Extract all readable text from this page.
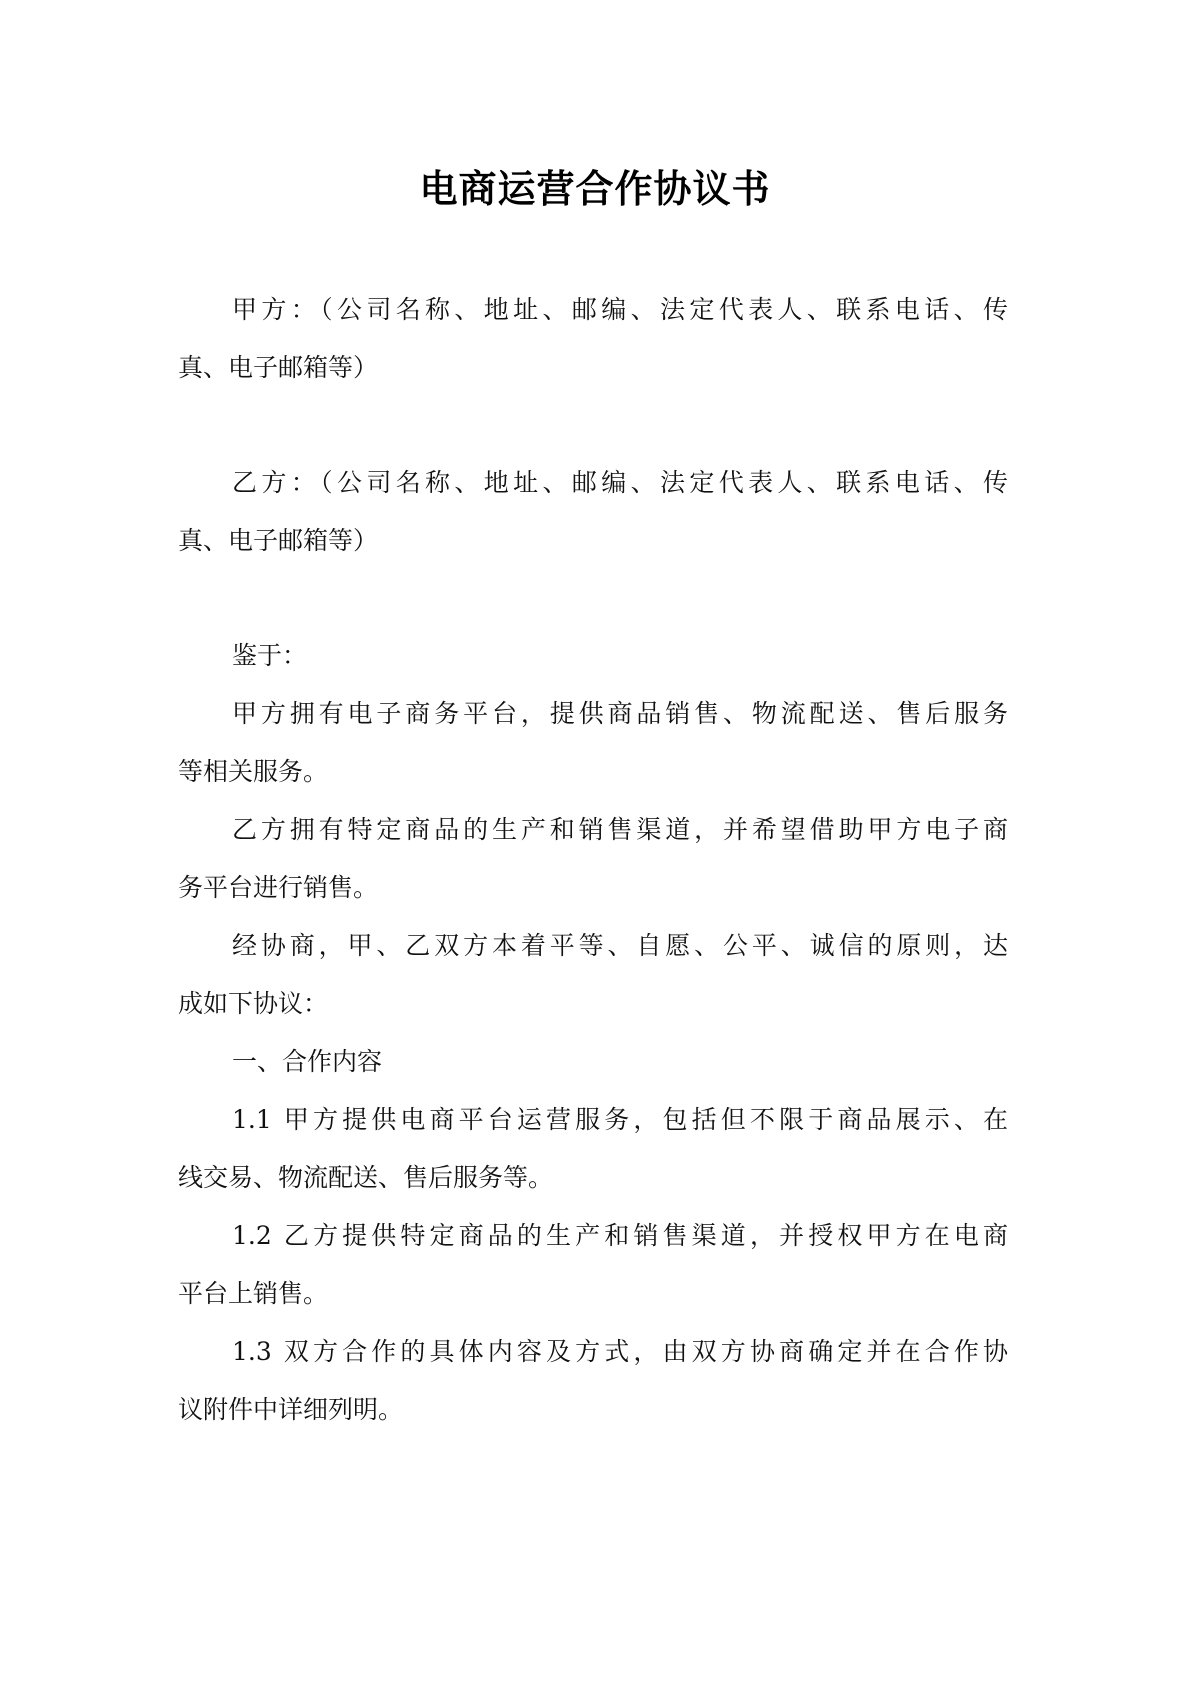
电商运营合作协议书
甲方：（公司名称、地址、邮编、法定代表人、联系电话、传
真、电子邮箱等）
乙方：（公司名称、地址、邮编、法定代表人、联系电话、传
真、电子邮箱等）
鉴于：
甲方拥有电子商务平台，提供商品销售、物流配送、售后服务
等相关服务。
乙方拥有特定商品的生产和销售渠道，并希望借助甲方电子商
务平台进行销售。
经协商，甲、乙双方本着平等、自愿、公平、诚信的原则，达
成如下协议：
一、合作内容
1.1 甲方提供电商平台运营服务，包括但不限于商品展示、在
线交易、物流配送、售后服务等。
1.2 乙方提供特定商品的生产和销售渠道，并授权甲方在电商
平台上销售。
1.3 双方合作的具体内容及方式，由双方协商确定并在合作协
议附件中详细列明。
